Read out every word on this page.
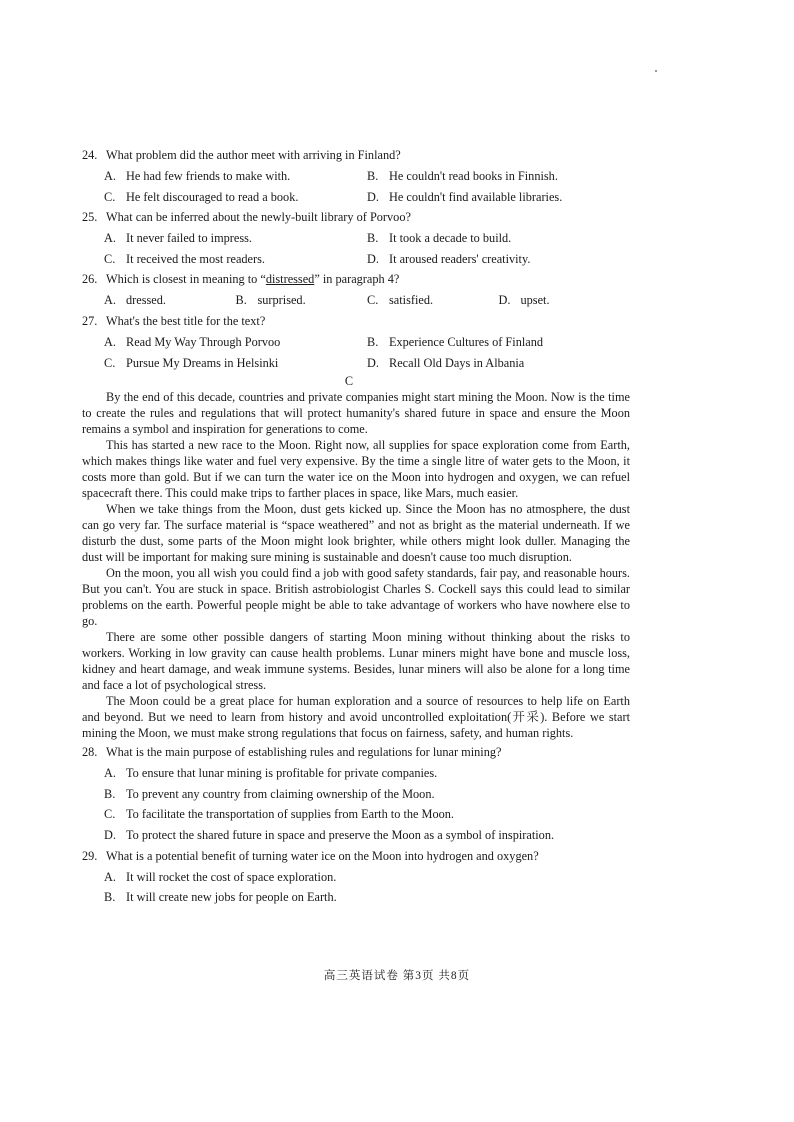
24. What problem did the author meet with arriving in Finland?
A. He had few friends to make with.	B. He couldn't read books in Finnish.
C. He felt discouraged to read a book.	D. He couldn't find available libraries.
25. What can be inferred about the newly-built library of Porvoo?
A. It never failed to impress.	B. It took a decade to build.
C. It received the most readers.	D. It aroused readers' creativity.
26. Which is closest in meaning to “distressed” in paragraph 4?
A. dressed.	B. surprised.	C. satisfied.	D. upset.
27. What's the best title for the text?
A. Read My Way Through Porvoo	B. Experience Cultures of Finland
C. Pursue My Dreams in Helsinki	D. Recall Old Days in Albania
C

By the end of this decade, countries and private companies might start mining the Moon. Now is the time to create the rules and regulations that will protect humanity's shared future in space and ensure the Moon remains a symbol and inspiration for generations to come.

This has started a new race to the Moon. Right now, all supplies for space exploration come from Earth, which makes things like water and fuel very expensive. By the time a single litre of water gets to the Moon, it costs more than gold. But if we can turn the water ice on the Moon into hydrogen and oxygen, we can refuel spacecraft there. This could make trips to farther places in space, like Mars, much easier.

When we take things from the Moon, dust gets kicked up. Since the Moon has no atmosphere, the dust can go very far. The surface material is “space weathered” and not as bright as the material underneath. If we disturb the dust, some parts of the Moon might look brighter, while others might look duller. Managing the dust will be important for making sure mining is sustainable and doesn't cause too much disruption.

On the moon, you all wish you could find a job with good safety standards, fair pay, and reasonable hours. But you can't. You are stuck in space. British astrobiologist Charles S. Cockell says this could lead to similar problems on the earth. Powerful people might be able to take advantage of workers who have nowhere else to go.

There are some other possible dangers of starting Moon mining without thinking about the risks to workers. Working in low gravity can cause health problems. Lunar miners might have bone and muscle loss, kidney and heart damage, and weak immune systems. Besides, lunar miners will also be alone for a long time and face a lot of psychological stress.

The Moon could be a great place for human exploration and a source of resources to help life on Earth and beyond. But we need to learn from history and avoid uncontrolled exploitation(开采). Before we start mining the Moon, we must make strong regulations that focus on fairness, safety, and human rights.

28. What is the main purpose of establishing rules and regulations for lunar mining?
A. To ensure that lunar mining is profitable for private companies.
B. To prevent any country from claiming ownership of the Moon.
C. To facilitate the transportation of supplies from Earth to the Moon.
D. To protect the shared future in space and preserve the Moon as a symbol of inspiration.
29. What is a potential benefit of turning water ice on the Moon into hydrogen and oxygen?
A. It will rocket the cost of space exploration.
B. It will create new jobs for people on Earth.
高三英语试卷 第3页 共8页
